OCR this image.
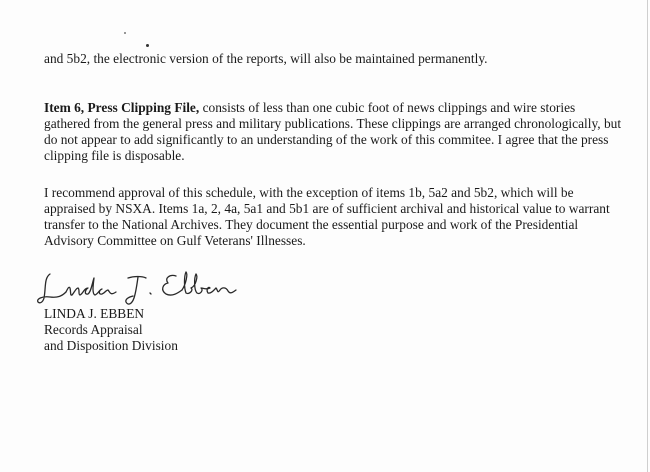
and 5b2, the electronic version of the reports, will also be maintained permanently.

Item 6, Press Clipping File, consists of less than one cubic foot of news clippings and wire stories gathered from the general press and military publications. These clippings are arranged chronologically, but do not appear to add significantly to an understanding of the work of this commitee. I agree that the press clipping file is disposable.

I recommend approval of this schedule, with the exception of items 1b, 5a2 and 5b2, which will be appraised by NSXA. Items 1a, 2, 4a, 5a1 and 5b1 are of sufficient archival and historical value to warrant transfer to the National Archives. They document the essential purpose and work of the Presidential Advisory Committee on Gulf Veterans' Illnesses.

LINDA J. EBBEN
Records Appraisal
and Disposition Division
